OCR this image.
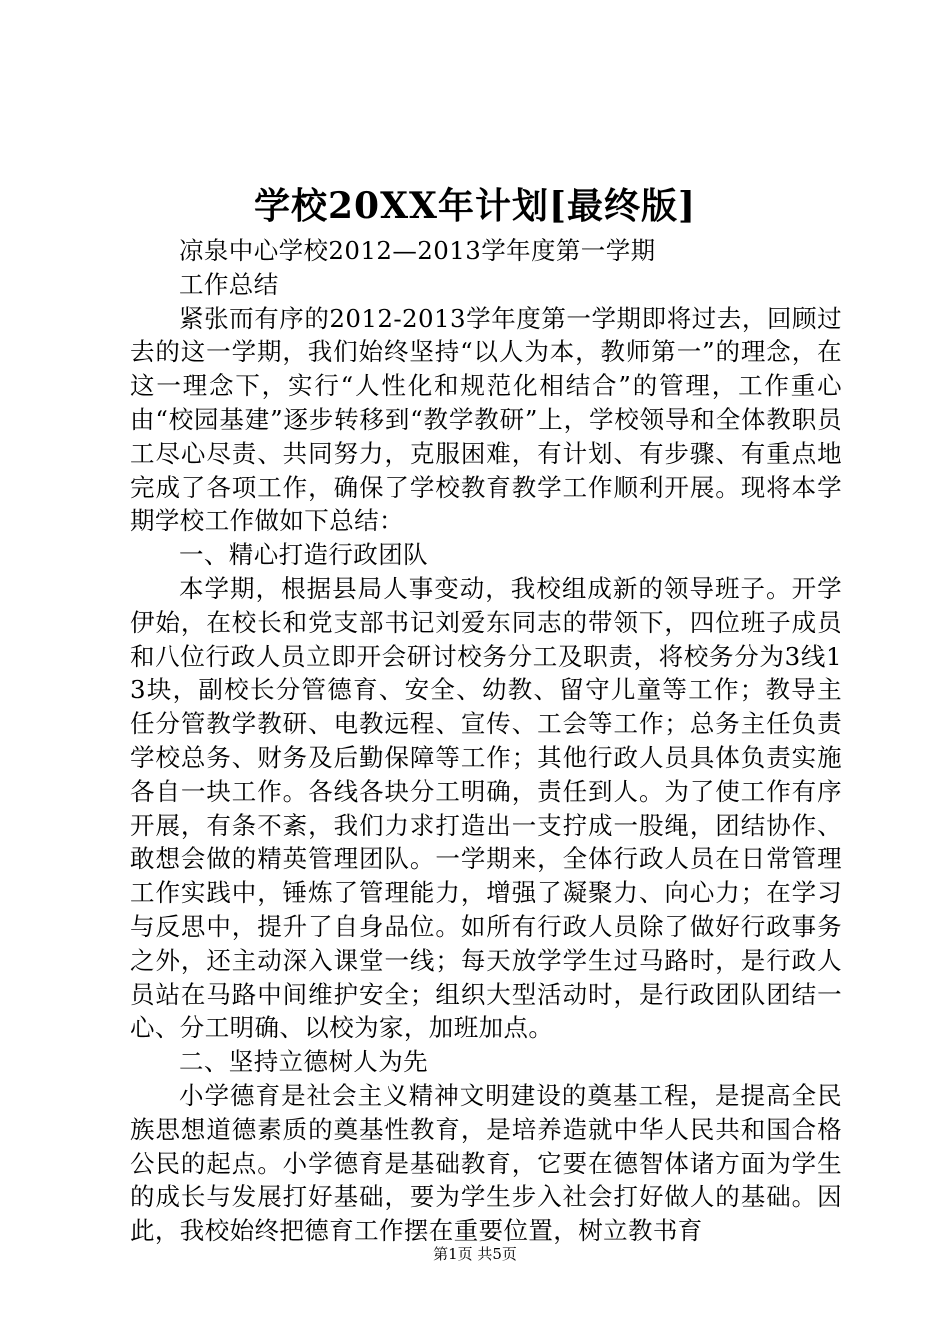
学校20XX年计划[最终版]

凉泉中心学校2012—2013学年度第一学期

工作总结

紧张而有序的2012-2013学年度第一学期即将过去，回顾过去的这一学期，我们始终坚持“以人为本，教师第一”的理念，在这一理念下，实行“人性化和规范化相结合”的管理，工作重心由“校园基建”逐步转移到“教学教研”上，学校领导和全体教职员工尽心尽责、共同努力，克服困难，有计划、有步骤、有重点地完成了各项工作，确保了学校教育教学工作顺利开展。现将本学期学校工作做如下总结：

一、精心打造行政团队

本学期，根据县局人事变动，我校组成新的领导班子。开学伊始，在校长和党支部书记刘爱东同志的带领下，四位班子成员和八位行政人员立即开会研讨校务分工及职责，将校务分为3线13块，副校长分管德育、安全、幼教、留守儿童等工作；教导主任分管教学教研、电教远程、宣传、工会等工作；总务主任负责学校总务、财务及后勤保障等工作；其他行政人员具体负责实施各自一块工作。各线各块分工明确，责任到人。为了使工作有序开展，有条不紊，我们力求打造出一支拧成一股绳，团结协作、敢想会做的精英管理团队。一学期来，全体行政人员在日常管理工作实践中，锤炼了管理能力，增强了凝聚力、向心力；在学习与反思中，提升了自身品位。如所有行政人员除了做好行政事务之外，还主动深入课堂一线；每天放学学生过马路时，是行政人员站在马路中间维护安全；组织大型活动时，是行政团队团结一心、分工明确、以校为家，加班加点。

二、坚持立德树人为先

小学德育是社会主义精神文明建设的奠基工程，是提高全民族思想道德素质的奠基性教育，是培养造就中华人民共和国合格公民的起点。小学德育是基础教育，它要在德智体诸方面为学生的成长与发展打好基础，要为学生步入社会打好做人的基础。因此，我校始终把德育工作摆在重要位置，树立教书育

第1页 共5页
